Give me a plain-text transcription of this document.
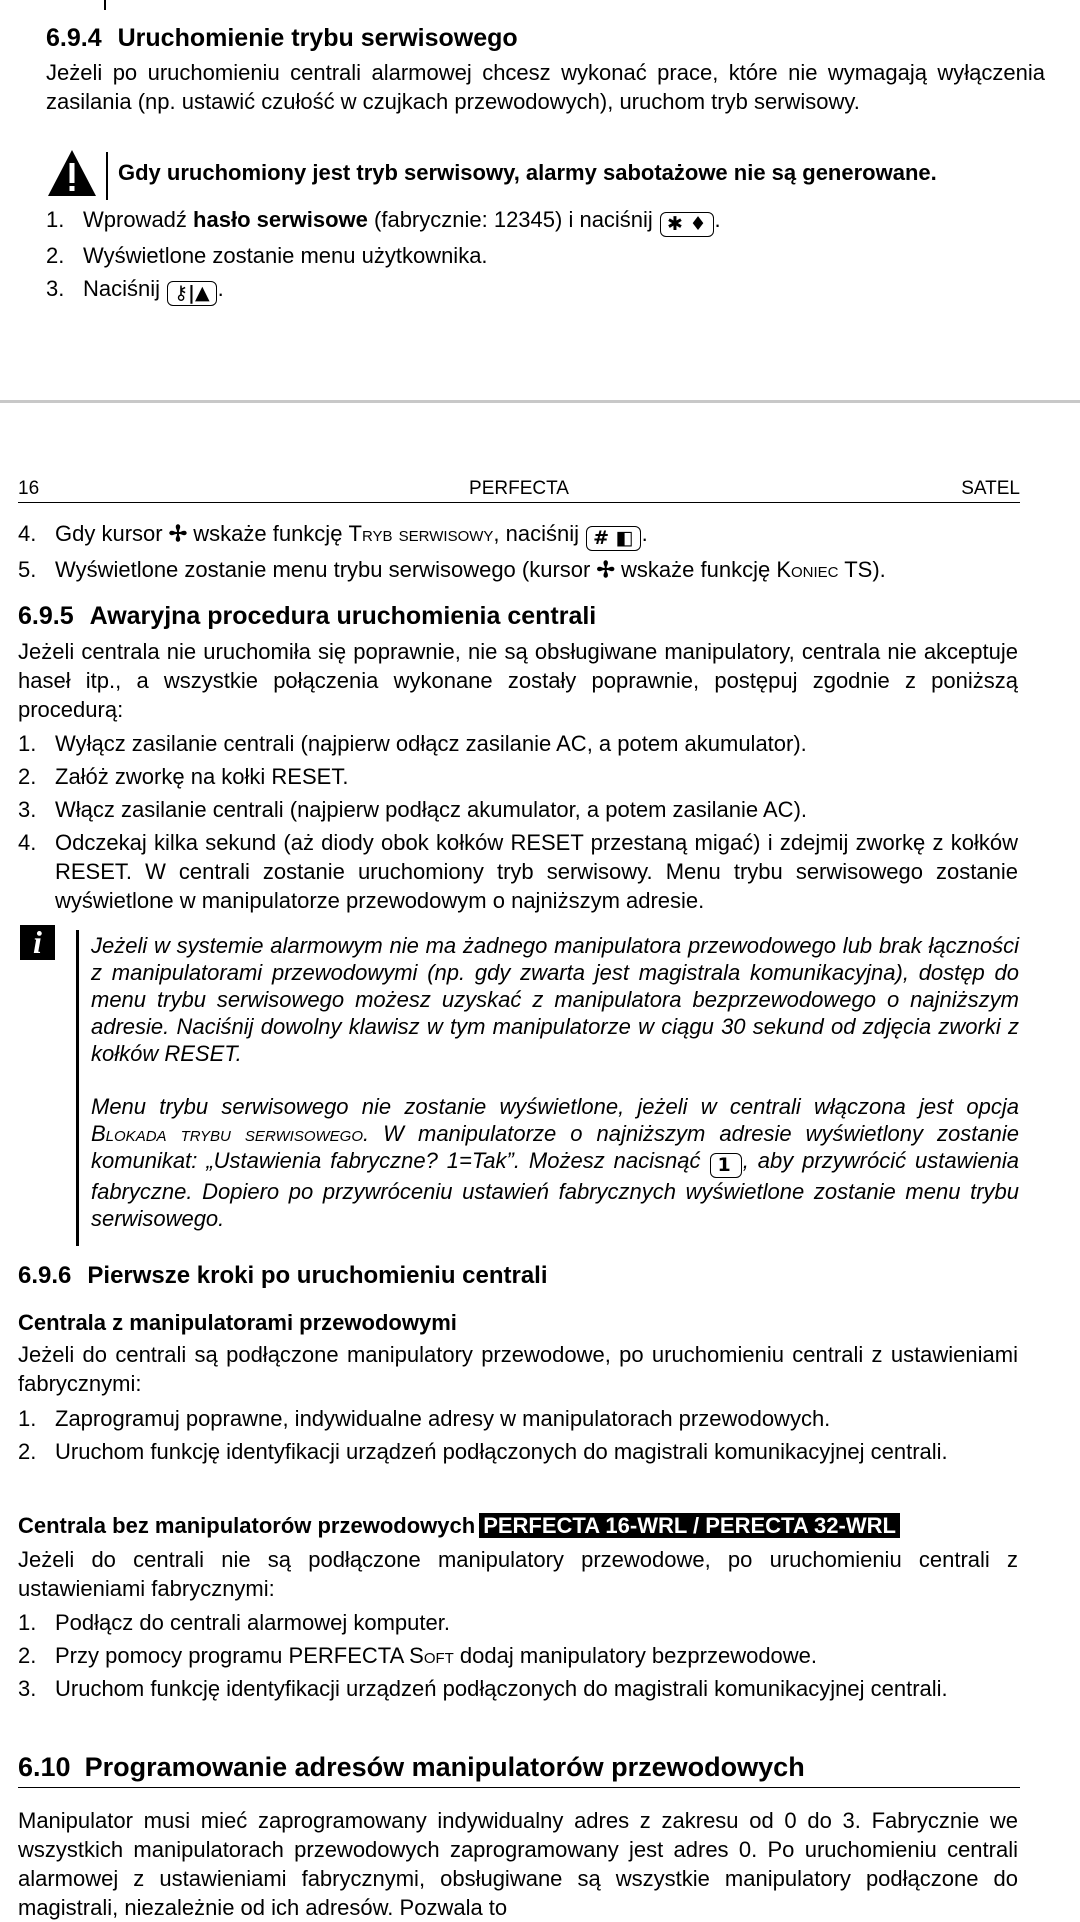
6.9.4 Uruchomienie trybu serwisowego

Jeżeli po uruchomieniu centrali alarmowej chcesz wykonać prace, które nie wymagają wyłączenia zasilania (np. ustawić czułość w czujkach przewodowych), uruchom tryb serwisowy.

Gdy uruchomiony jest tryb serwisowy, alarmy sabotażowe nie są generowane.
1. Wprowadź hasło serwisowe (fabrycznie: 12345) i naciśnij ✱ ♦ .
2. Wyświetlone zostanie menu użytkownika.
3. Naciśnij ⚷|▲ .
16	PERFECTA	SATEL
4. Gdy kursor ✢ wskaże funkcję Tryb serwisowy, naciśnij # ◧ .
5. Wyświetlone zostanie menu trybu serwisowego (kursor ✢ wskaże funkcję Koniec TS).
6.9.5 Awaryjna procedura uruchomienia centrali

Jeżeli centrala nie uruchomiła się poprawnie, nie są obsługiwane manipulatory, centrala nie akceptuje haseł itp., a wszystkie połączenia wykonane zostały poprawnie, postępuj zgodnie z poniższą procedurą:

1. Wyłącz zasilanie centrali (najpierw odłącz zasilanie AC, a potem akumulator).
2. Załóż zworkę na kołki RESET.
3. Włącz zasilanie centrali (najpierw podłącz akumulator, a potem zasilanie AC).
4. Odczekaj kilka sekund (aż diody obok kołków RESET przestaną migać) i zdejmij zworkę z kołków RESET. W centrali zostanie uruchomiony tryb serwisowy. Menu trybu serwisowego zostanie wyświetlone w manipulatorze przewodowym o najniższym adresie.
i	Jeżeli w systemie alarmowym nie ma żadnego manipulatora przewodowego lub brak łączności z manipulatorami przewodowymi (np. gdy zwarta jest magistrala komunikacyjna), dostęp do menu trybu serwisowego możesz uzyskać z manipulatora bezprzewodowego o najniższym adresie. Naciśnij dowolny klawisz w tym manipulatorze w ciągu 30 sekund od zdjęcia zworki z kołków RESET.

Menu trybu serwisowego nie zostanie wyświetlone, jeżeli w centrali włączona jest opcja Blokada trybu serwisowego. W manipulatorze o najniższym adresie wyświetlony zostanie komunikat: „Ustawienia fabryczne? 1=Tak”. Możesz nacisnąć 1 , aby przywrócić ustawienia fabryczne. Dopiero po przywróceniu ustawień fabrycznych wyświetlone zostanie menu trybu serwisowego.

6.9.6 Pierwsze kroki po uruchomieniu centrali
Centrala z manipulatorami przewodowymi

Jeżeli do centrali są podłączone manipulatory przewodowe, po uruchomieniu centrali z ustawieniami fabrycznymi:

1. Zaprogramuj poprawne, indywidualne adresy w manipulatorach przewodowych.
2. Uruchom funkcję identyfikacji urządzeń podłączonych do magistrali komunikacyjnej centrali.
Centrala bez manipulatorów przewodowych PERFECTA 16-WRL / PERECTA 32-WRL

Jeżeli do centrali nie są podłączone manipulatory przewodowe, po uruchomieniu centrali z ustawieniami fabrycznymi:

1. Podłącz do centrali alarmowej komputer.
2. Przy pomocy programu PERFECTA Soft dodaj manipulatory bezprzewodowe.
3. Uruchom funkcję identyfikacji urządzeń podłączonych do magistrali komunikacyjnej centrali.
6.10 Programowanie adresów manipulatorów przewodowych

Manipulator musi mieć zaprogramowany indywidualny adres z zakresu od 0 do 3. Fabrycznie we wszystkich manipulatorach przewodowych zaprogramowany jest adres 0. Po uruchomieniu centrali alarmowej z ustawieniami fabrycznymi, obsługiwane są wszystkie manipulatory podłączone do magistrali, niezależnie od ich adresów. Pozwala to
